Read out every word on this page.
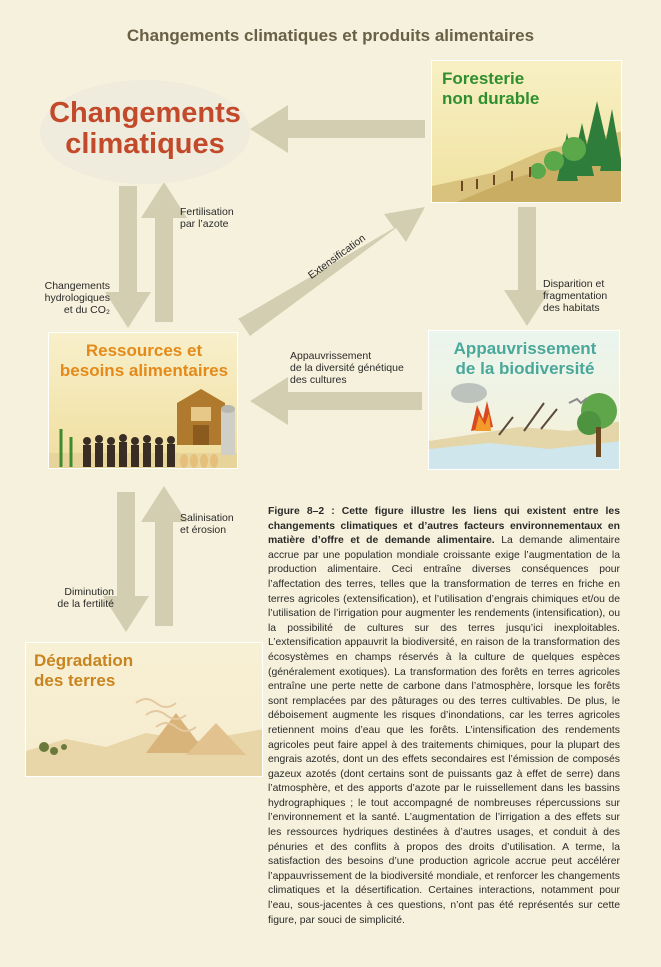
Changements climatiques et produits alimentaires
Changements
climatiques
Foresterie
non durable
Ressources et
besoins alimentaires
Appauvrissement
de la biodiversité
Dégradation
des terres
Fertilisation
par l’azote
Changements
hydrologiques
et du CO₂
Extensification
Disparition et
fragmentation
des habitats
Appauvrissement
de la diversité génétique
des cultures
Salinisation
et érosion
Diminution
de la fertilité
Figure 8–2 : Cette figure illustre les liens qui existent entre les changements climatiques et d’autres facteurs environnementaux en matière d’offre et de demande alimentaire. La demande alimentaire accrue par une population mondiale croissante exige l’augmentation de la production alimentaire. Ceci entraîne diverses conséquences pour l’affectation des terres, telles que la transformation de terres en friche en terres agricoles (extensification), et l’utilisation d’engrais chimiques et/ou de l’utilisation de l’irrigation pour augmenter les rendements (intensification), ou la possibilité de cultures sur des terres jusqu’ici inexploitables. L’extensification appauvrit la biodiversité, en raison de la transformation des écosystèmes en champs réservés à la culture de quelques espèces (généralement exotiques). La transformation des forêts en terres agricoles entraîne une perte nette de carbone dans l’atmosphère, lorsque les forêts sont remplacées par des pâturages ou des terres cultivables. De plus, le déboisement augmente les risques d’inondations, car les terres agricoles retiennent moins d’eau que les forêts. L’intensification des rendements agricoles peut faire appel à des traitements chimiques, pour la plupart des engrais azotés, dont un des effets secondaires est l’émission de composés gazeux azotés (dont certains sont de puissants gaz à effet de serre) dans l’atmosphère, et des apports d’azote par le ruissellement dans les bassins hydrographiques ; le tout accompagné de nombreuses répercussions sur l’environnement et la santé. L’augmentation de l’irrigation a des effets sur les ressources hydriques destinées à d’autres usages, et conduit à des pénuries et des conflits à propos des droits d’utilisation. A terme, la satisfaction des besoins d’une production agricole accrue peut accélérer l’appauvrissement de la biodiversité mondiale, et renforcer les changements climatiques et la désertification. Certaines interactions, notamment pour l’eau, sous-jacentes à ces questions, n’ont pas été représentés sur cette figure, par souci de simplicité.
